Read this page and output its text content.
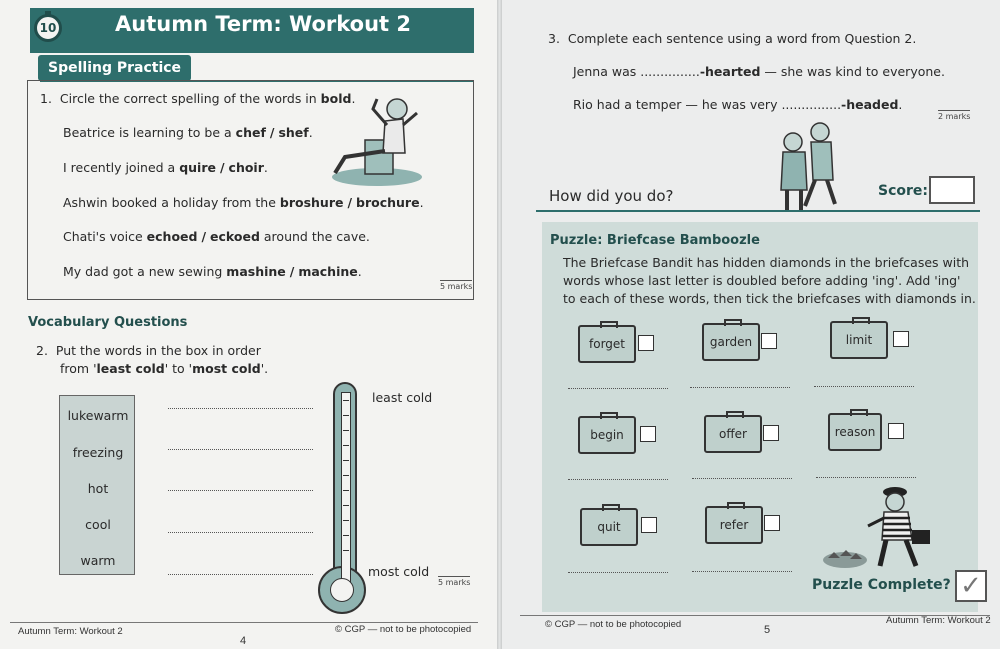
10	Autumn Term: Workout 2
Spelling Practice
1. Circle the correct spelling of the words in bold.
Beatrice is learning to be a chef / shef.
I recently joined a quire / choir.
Ashwin booked a holiday from the broshure / brochure.
Chati's voice echoed / eckoed around the cave.
My dad got a new sewing mashine / machine.
5 marks
Vocabulary Questions
2. Put the words in the box in order
from 'least cold' to 'most cold'.
lukewarm
freezing
hot
cool
warm
least cold
most cold
5 marks
Autumn Term: Workout 2
4
© CGP — not to be photocopied
3. Complete each sentence using a word from Question 2.
Jenna was ...............-hearted — she was kind to everyone.
Rio had a temper — he was very ...............-headed.
2 marks
How did you do?	Score:
Puzzle: Briefcase Bamboozle
The Briefcase Bandit has hidden diamonds in the briefcases with
words whose last letter is doubled before adding 'ing'. Add 'ing'
to each of these words, then tick the briefcases with diamonds in.
forget	garden	limit
begin	offer	reason
quit	refer
Puzzle Complete? ✓
© CGP — not to be photocopied	5
Autumn Term: Workout 2
